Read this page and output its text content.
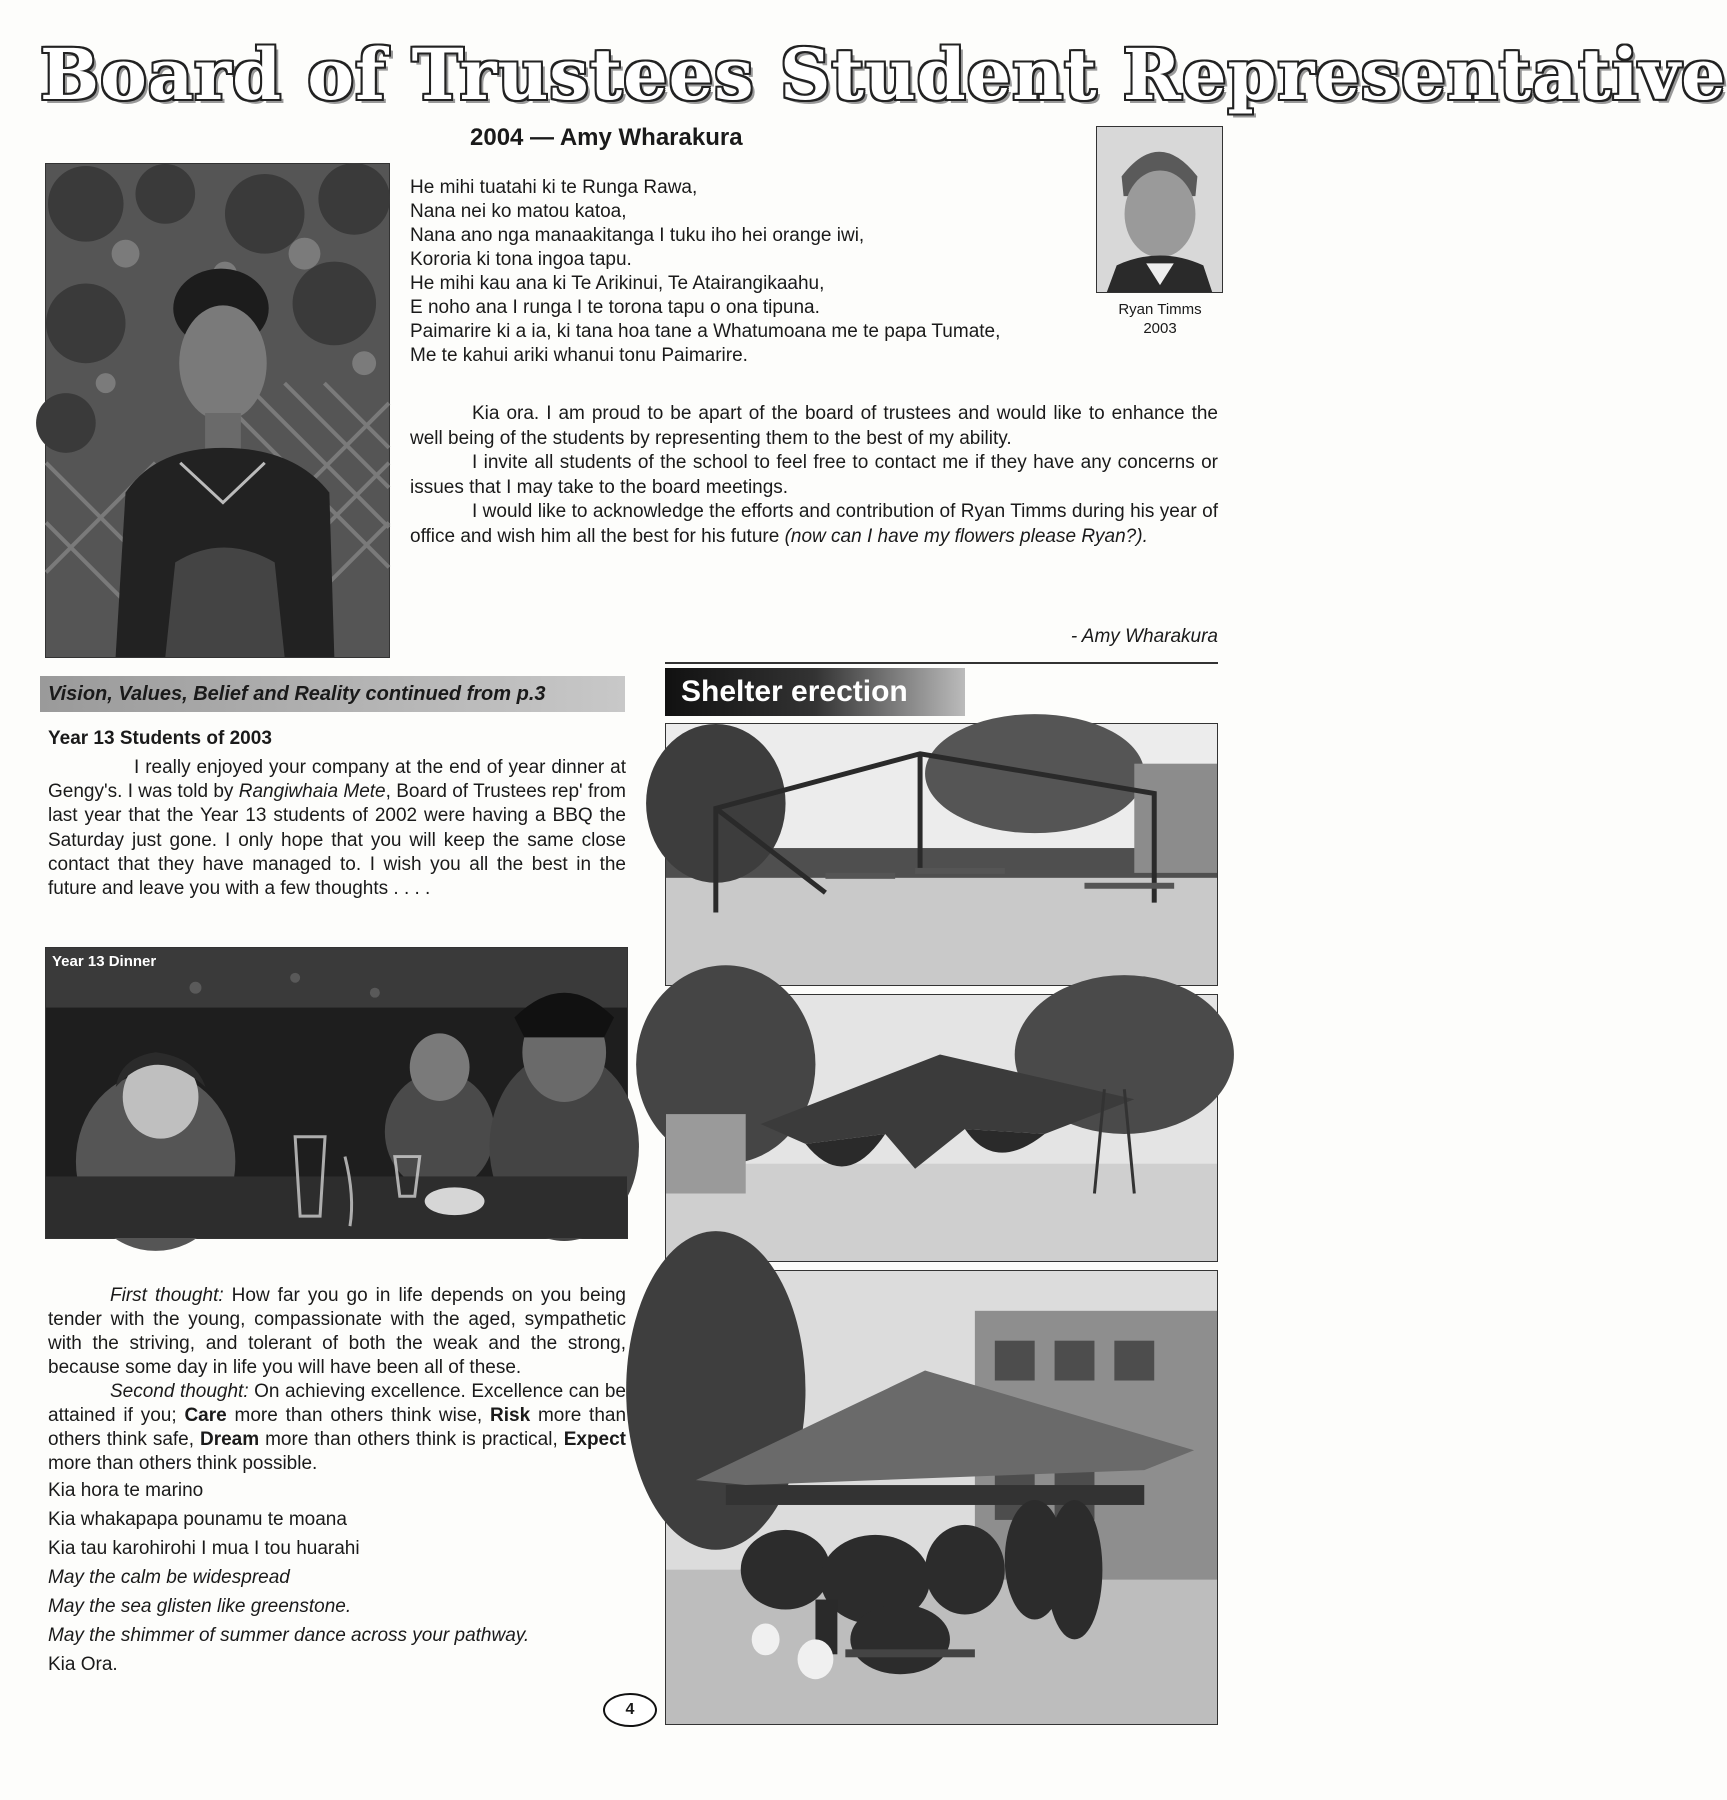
Board of Trustees Student Representative
2004 — Amy Wharakura
Ryan Timms
2003
He mihi tuatahi ki te Runga Rawa,
Nana nei ko matou katoa,
Nana ano nga manaakitanga I tuku iho hei orange iwi,
Kororia ki tona ingoa tapu.
He mihi kau ana ki Te Arikinui, Te Atairangikaahu,
E noho ana I runga I te torona tapu o ona tipuna.
Paimarire ki a ia, ki tana hoa tane a Whatumoana me te papa Tumate,
Me te kahui ariki whanui tonu Paimarire.

Kia ora. I am proud to be apart of the board of trustees and would like to enhance the well being of the students by representing them to the best of my ability.

I invite all students of the school to feel free to contact me if they have any concerns or issues that I may take to the board meetings.

I would like to acknowledge the efforts and contribution of Ryan Timms during his year of office and wish him all the best for his future (now can I have my flowers please Ryan?).

- Amy Wharakura
Vision, Values, Belief and Reality continued from p.3	Shelter erection
Year 13 Students of 2003

I really enjoyed your company at the end of year dinner at Gengy's. I was told by Rangiwhaia Mete, Board of Trustees rep' from last year that the Year 13 students of 2002 were having a BBQ the Saturday just gone. I only hope that you will keep the same close contact that they have managed to. I wish you all the best in the future and leave you with a few thoughts . . . .

Year 13 Dinner

First thought: How far you go in life depends on you being tender with the young, compassionate with the aged, sympathetic with the striving, and tolerant of both the weak and the strong, because some day in life you will have been all of these.

Second thought: On achieving excellence. Excellence can be attained if you; Care more than others think wise, Risk more than others think safe, Dream more than others think is practical, Expect more than others think possible.

Kia hora te marino
Kia whakapapa pounamu te moana
Kia tau karohirohi I mua I tou huarahi
May the calm be widespread
May the sea glisten like greenstone.
May the shimmer of summer dance across your pathway.
Kia Ora.
4
